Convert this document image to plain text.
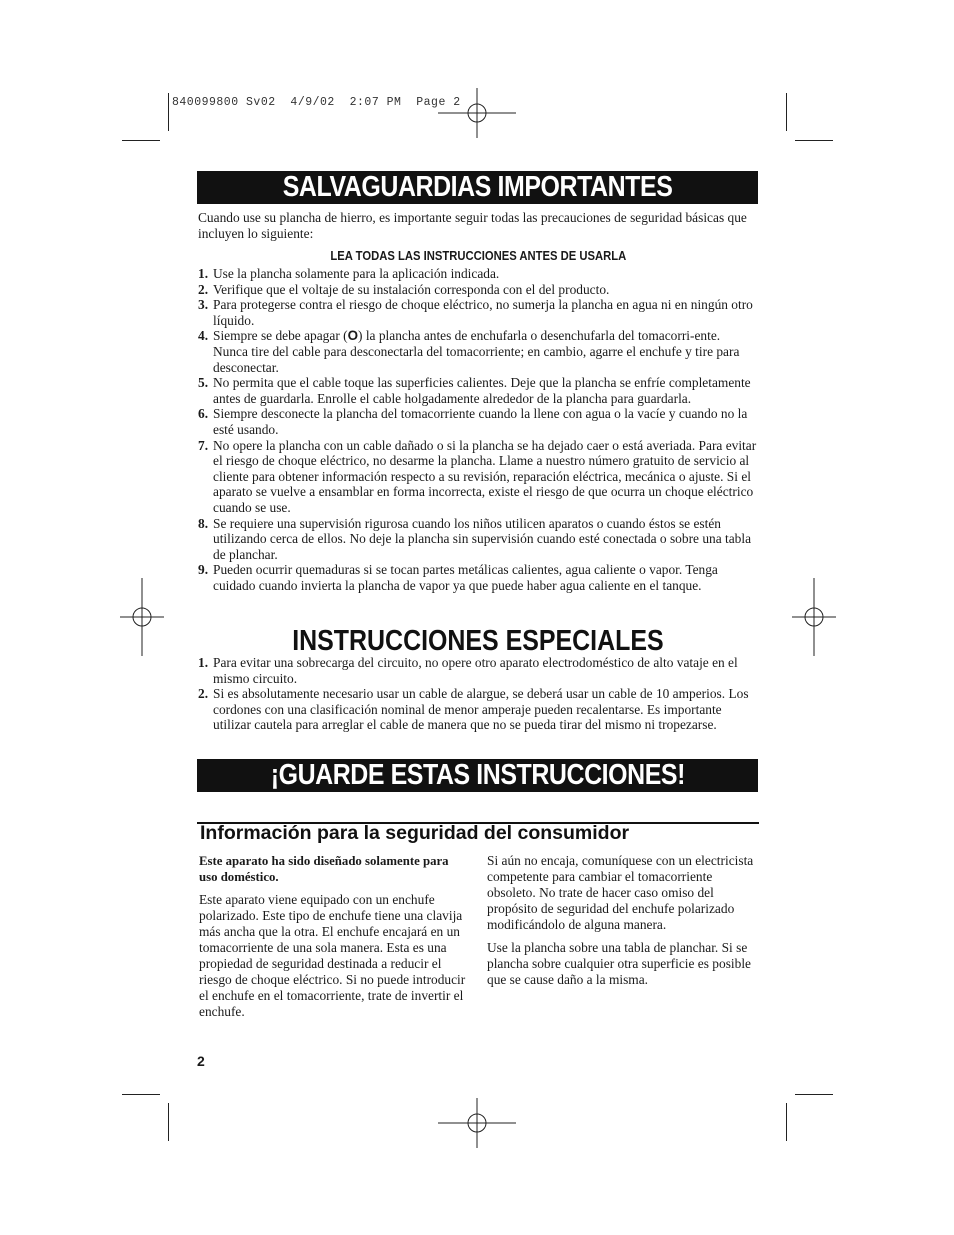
840099800 Sv02  4/9/02  2:07 PM  Page 2
SALVAGUARDIAS IMPORTANTES
Cuando use su plancha de hierro, es importante seguir todas las precauciones de seguridad básicas que incluyen lo siguiente:
LEA TODAS LAS INSTRUCCIONES ANTES DE USARLA
1. Use la plancha solamente para la aplicación indicada.
2. Verifique que el voltaje de su instalación corresponda con el del producto.
3. Para protegerse contra el riesgo de choque eléctrico, no sumerja la plancha en agua ni en ningún otro líquido.
4. Siempre se debe apagar (O) la plancha antes de enchufarla o desenchufarla del tomacorri-ente. Nunca tire del cable para desconectarla del tomacorriente; en cambio, agarre el enchufe y tire para desconectar.
5. No permita que el cable toque las superficies calientes. Deje que la plancha se enfríe completamente antes de guardarla. Enrolle el cable holgadamente alrededor de la plancha para guardarla.
6. Siempre desconecte la plancha del tomacorriente cuando la llene con agua o la vacíe y cuando no la esté usando.
7. No opere la plancha con un cable dañado o si la plancha se ha dejado caer o está averiada. Para evitar el riesgo de choque eléctrico, no desarme la plancha. Llame a nuestro número gratuito de servicio al cliente para obtener información respecto a su revisión, reparación eléctrica, mecánica o ajuste. Si el aparato se vuelve a ensamblar en forma incorrecta, existe el riesgo de que ocurra un choque eléctrico cuando se use.
8. Se requiere una supervisión rigurosa cuando los niños utilicen aparatos o cuando éstos se estén utilizando cerca de ellos. No deje la plancha sin supervisión cuando esté conectada o sobre una tabla de planchar.
9. Pueden ocurrir quemaduras si se tocan partes metálicas calientes, agua caliente o vapor. Tenga cuidado cuando invierta la plancha de vapor ya que puede haber agua caliente en el tanque.
INSTRUCCIONES ESPECIALES
1. Para evitar una sobrecarga del circuito, no opere otro aparato electrodoméstico de alto vataje en el mismo circuito.
2. Si es absolutamente necesario usar un cable de alargue, se deberá usar un cable de 10 amperios. Los cordones con una clasificación nominal de menor amperaje pueden recalentarse. Es importante utilizar cautela para arreglar el cable de manera que no se pueda tirar del mismo ni tropezarse.
¡GUARDE ESTAS INSTRUCCIONES!
Información para la seguridad del consumidor

Este aparato ha sido diseñado solamente para uso doméstico.

Este aparato viene equipado con un enchufe polarizado. Este tipo de enchufe tiene una clavija más ancha que la otra. El enchufe encajará en un tomacorriente de una sola manera. Esta es una propiedad de seguridad destinada a reducir el riesgo de choque eléctrico. Si no puede introducir el enchufe en el tomacorriente, trate de invertir el enchufe.

Si aún no encaja, comuníquese con un electricista competente para cambiar el tomacorriente obsoleto. No trate de hacer caso omiso del propósito de seguridad del enchufe polarizado modificándolo de alguna manera.

Use la plancha sobre una tabla de planchar. Si se plancha sobre cualquier otra superficie es posible que se cause daño a la misma.

2
